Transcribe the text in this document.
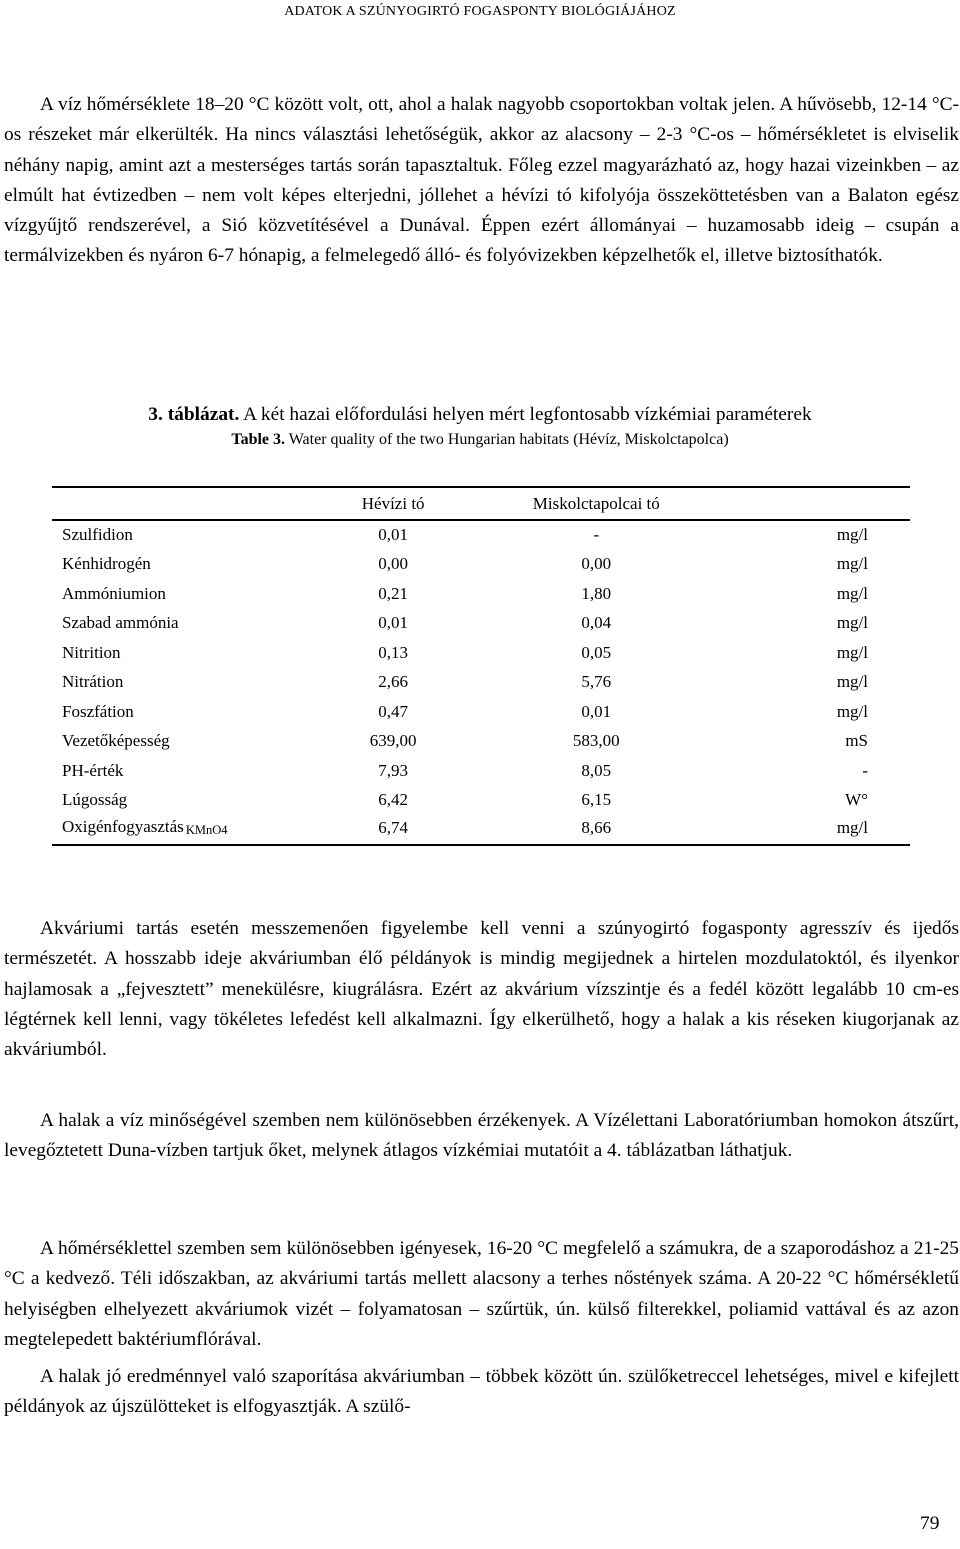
ADATOK A SZÚNYOGIRTÓ FOGASPONTY BIOLÓGIÁJÁHOZ

A víz hőmérséklete 18–20 °C között volt, ott, ahol a halak nagyobb csoportokban voltak jelen. A hűvösebb, 12-14 °C-os részeket már elkerülték. Ha nincs választási lehetőségük, akkor az alacsony – 2-3 °C-os – hőmérsékletet is elviselik néhány napig, amint azt a mesterséges tartás során tapasztaltuk. Főleg ezzel magyarázható az, hogy hazai vizeinkben – az elmúlt hat évtizedben – nem volt képes elterjedni, jóllehet a hévízi tó kifolyója összeköttetésben van a Balaton egész vízgyűjtő rendszerével, a Sió közvetítésével a Dunával. Éppen ezért állományai – huzamosabb ideig – csupán a termálvizekben és nyáron 6-7 hónapig, a felmelegedő álló- és folyóvizekben képzelhetők el, illetve biztosíthatók.

3. táblázat. A két hazai előfordulási helyen mért legfontosabb vízkémiai paraméterek

Table 3. Water quality of the two Hungarian habitats (Hévíz, Miskolctapolca)

	Hévízi tó	Miskolctapolcai tó	
Szulfidion	0,01	-	mg/l
Kénhidrogén	0,00	0,00	mg/l
Ammóniumion	0,21	1,80	mg/l
Szabad ammónia	0,01	0,04	mg/l
Nitrition	0,13	0,05	mg/l
Nitrátion	2,66	5,76	mg/l
Foszfátion	0,47	0,01	mg/l
Vezetőképesség	639,00	583,00	mS
PH-érték	7,93	8,05	-
Lúgosság	6,42	6,15	W°
Oxigénfogyasztás KMnO4	6,74	8,66	mg/l

Akváriumi tartás esetén messzemenően figyelembe kell venni a szúnyogirtó fogasponty agresszív és ijedős természetét. A hosszabb ideje akváriumban élő példányok is mindig megijednek a hirtelen mozdulatoktól, és ilyenkor hajlamosak a „fejvesztett” menekülésre, kiugrálásra. Ezért az akvárium vízszintje és a fedél között legalább 10 cm-es légtérnek kell lenni, vagy tökéletes lefedést kell alkalmazni. Így elkerülhető, hogy a halak a kis réseken kiugorjanak az akváriumból.

A halak a víz minőségével szemben nem különösebben érzékenyek. A Vízélettani Laboratóriumban homokon átszűrt, levegőztetett Duna-vízben tartjuk őket, melynek átlagos vízkémiai mutatóit a 4. táblázatban láthatjuk.

A hőmérséklettel szemben sem különösebben igényesek, 16-20 °C megfelelő a számukra, de a szaporodáshoz a 21-25 °C a kedvező. Téli időszakban, az akváriumi tartás mellett alacsony a terhes nőstények száma. A 20-22 °C hőmérsékletű helyiségben elhelyezett akváriumok vizét – folyamatosan – szűrtük, ún. külső filterekkel, poliamid vattával és az azon megtelepedett baktériumflórával.

A halak jó eredménnyel való szaporítása akváriumban – többek között ún. szülőketreccel lehetséges, mivel e kifejlett példányok az újszülötteket is elfogyasztják. A szülő-

79
